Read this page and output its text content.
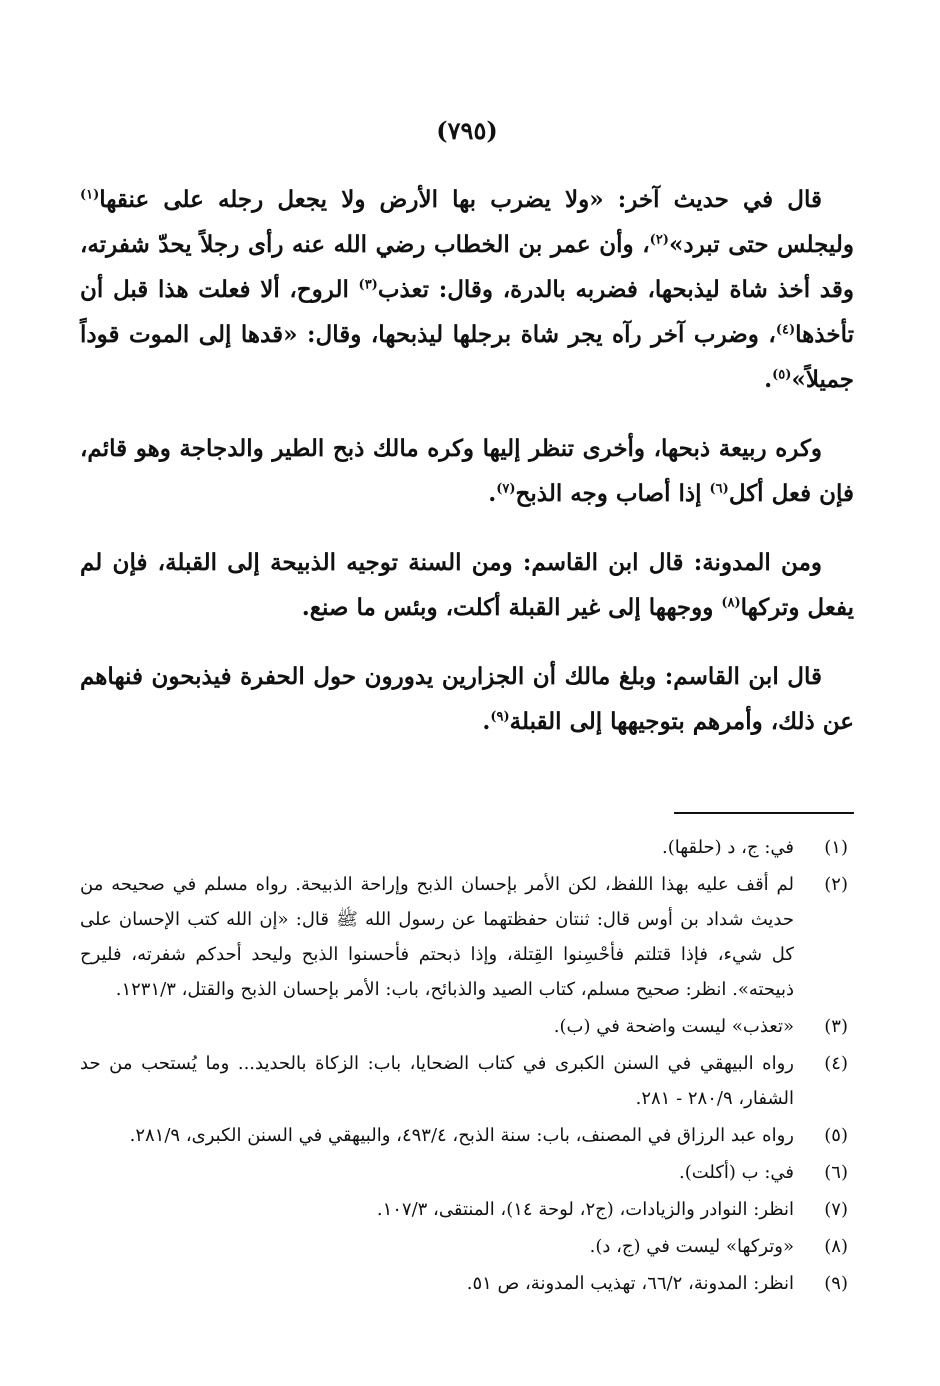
(٧٩٥)

قال في حديث آخر: «ولا يضرب بها الأرض ولا يجعل رجله على عنقها$^{(١)}$ وليجلس حتى تبرد»$^{(٢)}$، وأن عمر بن الخطاب رضي الله عنه رأى رجلاً يحدّ شفرته، وقد أخذ شاة ليذبحها، فضربه بالدرة، وقال: تعذب$^{(٣)}$ الروح، ألا فعلت هذا قبل أن تأخذها$^{(٤)}$، وضرب آخر رآه يجر شاة برجلها ليذبحها، وقال: «قدها إلى الموت قوداً جميلاً»$^{(٥)}$.

وكره ربيعة ذبحها، وأخرى تنظر إليها وكره مالك ذبح الطير والدجاجة وهو قائم، فإن فعل أكل$^{(٦)}$ إذا أصاب وجه الذبح$^{(٧)}$.

ومن المدونة: قال ابن القاسم: ومن السنة توجيه الذبيحة إلى القبلة، فإن لم يفعل وتركها$^{(٨)}$ ووجهها إلى غير القبلة أكلت، وبئس ما صنع.

قال ابن القاسم: وبلغ مالك أن الجزارين يدورون حول الحفرة فيذبحون فنهاهم عن ذلك، وأمرهم بتوجيهها إلى القبلة$^{(٩)}$.

(١)
في: ج، د (حلقها).
(٢)
لم أقف عليه بهذا اللفظ، لكن الأمر بإحسان الذبح وإراحة الذبيحة. رواه مسلم في صحيحه من حديث شداد بن أوس قال: ثنتان حفظتهما عن رسول الله ﷺ قال: «إن الله كتب الإحسان على كل شيء، فإذا قتلتم فأحْسِنوا القِتلة، وإذا ذبحتم فأحسنوا الذبح وليحد أحدكم شفرته، فليرح ذبيحته». انظر: صحيح مسلم، كتاب الصيد والذبائح، باب: الأمر بإحسان الذبح والقتل، ١٢٣١/٣.
(٣)
«تعذب» ليست واضحة في (ب).
(٤)
رواه البيهقي في السنن الكبرى في كتاب الضحايا، باب: الزكاة بالحديد... وما يُستحب من حد الشفار، ٢٨٠/٩ - ٢٨١.
(٥)
رواه عبد الرزاق في المصنف، باب: سنة الذبح، ٤٩٣/٤، والبيهقي في السنن الكبرى، ٢٨١/٩.
(٦)
في: ب (أكلت).
(٧)
انظر: النوادر والزيادات، (ج٢، لوحة ١٤)، المنتقى، ١٠٧/٣.
(٨)
«وتركها» ليست في (ج، د).
(٩)
انظر: المدونة، ٦٦/٢، تهذيب المدونة، ص ٥١.
